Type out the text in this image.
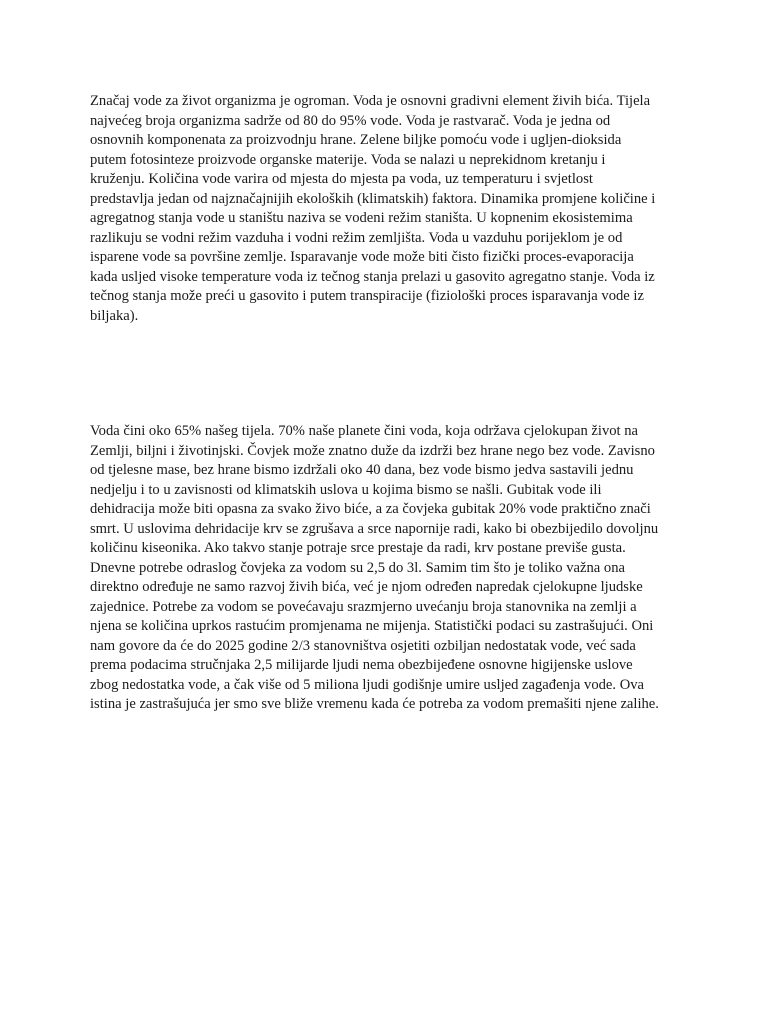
Značaj vode za život organizma je ogroman. Voda je osnovni gradivni element živih bića. Tijela
najvećeg broja organizma sadrže od 80 do 95% vode. Voda je rastvarač. Voda je jedna od
osnovnih komponenata za proizvodnju hrane. Zelene biljke pomoću vode i ugljen-dioksida
putem fotosinteze proizvode organske materije. Voda se nalazi u neprekidnom kretanju i
kruženju. Količina vode varira od mjesta do mjesta pa voda, uz temperaturu i svjetlost
predstavlja jedan od najznačajnijih ekoloških (klimatskih) faktora. Dinamika promjene količine i
agregatnog stanja vode u staništu naziva se vodeni režim staništa. U kopnenim ekosistemima
razlikuju se vodni režim vazduha i vodni režim zemljišta. Voda u vazduhu porijeklom je od
isparene vode sa površine zemlje. Isparavanje vode može biti čisto fizički proces-evaporacija
kada usljed visoke temperature voda iz tečnog stanja prelazi u gasovito agregatno stanje. Voda iz
tečnog stanja može preći u gasovito i putem transpiracije (fiziološki proces isparavanja vode iz
biljaka).

Voda čini oko 65% našeg tijela. 70% naše planete čini voda, koja održava cjelokupan život na
Zemlji, biljni i životinjski. Čovjek može znatno duže da izdrži bez hrane nego bez vode. Zavisno
od tjelesne mase, bez hrane bismo izdržali oko 40 dana, bez vode bismo jedva sastavili jednu
nedjelju i to u zavisnosti od klimatskih uslova u kojima bismo se našli. Gubitak vode ili
dehidracija može biti opasna za svako živo biće, a za čovjeka gubitak 20% vode praktično znači
smrt. U uslovima dehridacije krv se zgrušava a srce napornije radi, kako bi obezbijedilo dovoljnu
količinu kiseonika. Ako takvo stanje potraje srce prestaje da radi, krv postane previše gusta.
Dnevne potrebe odraslog čovjeka za vodom su 2,5 do 3l. Samim tim što je toliko važna ona
direktno određuje ne samo razvoj živih bića, već je njom određen napredak cjelokupne ljudske
zajednice. Potrebe za vodom se povećavaju srazmjerno uvećanju broja stanovnika na zemlji a
njena se količina uprkos rastućim promjenama ne mijenja. Statistički podaci su zastrašujući. Oni
nam govore da će do 2025 godine 2/3 stanovništva osjetiti ozbiljan nedostatak vode, već sada
prema podacima stručnjaka 2,5 milijarde ljudi nema obezbijeđene osnovne higijenske uslove
zbog nedostatka vode, a čak više od 5 miliona ljudi godišnje umire usljed zagađenja vode. Ova
istina je zastrašujuća jer smo sve bliže vremenu kada će potreba za vodom premašiti njene zalihe.
